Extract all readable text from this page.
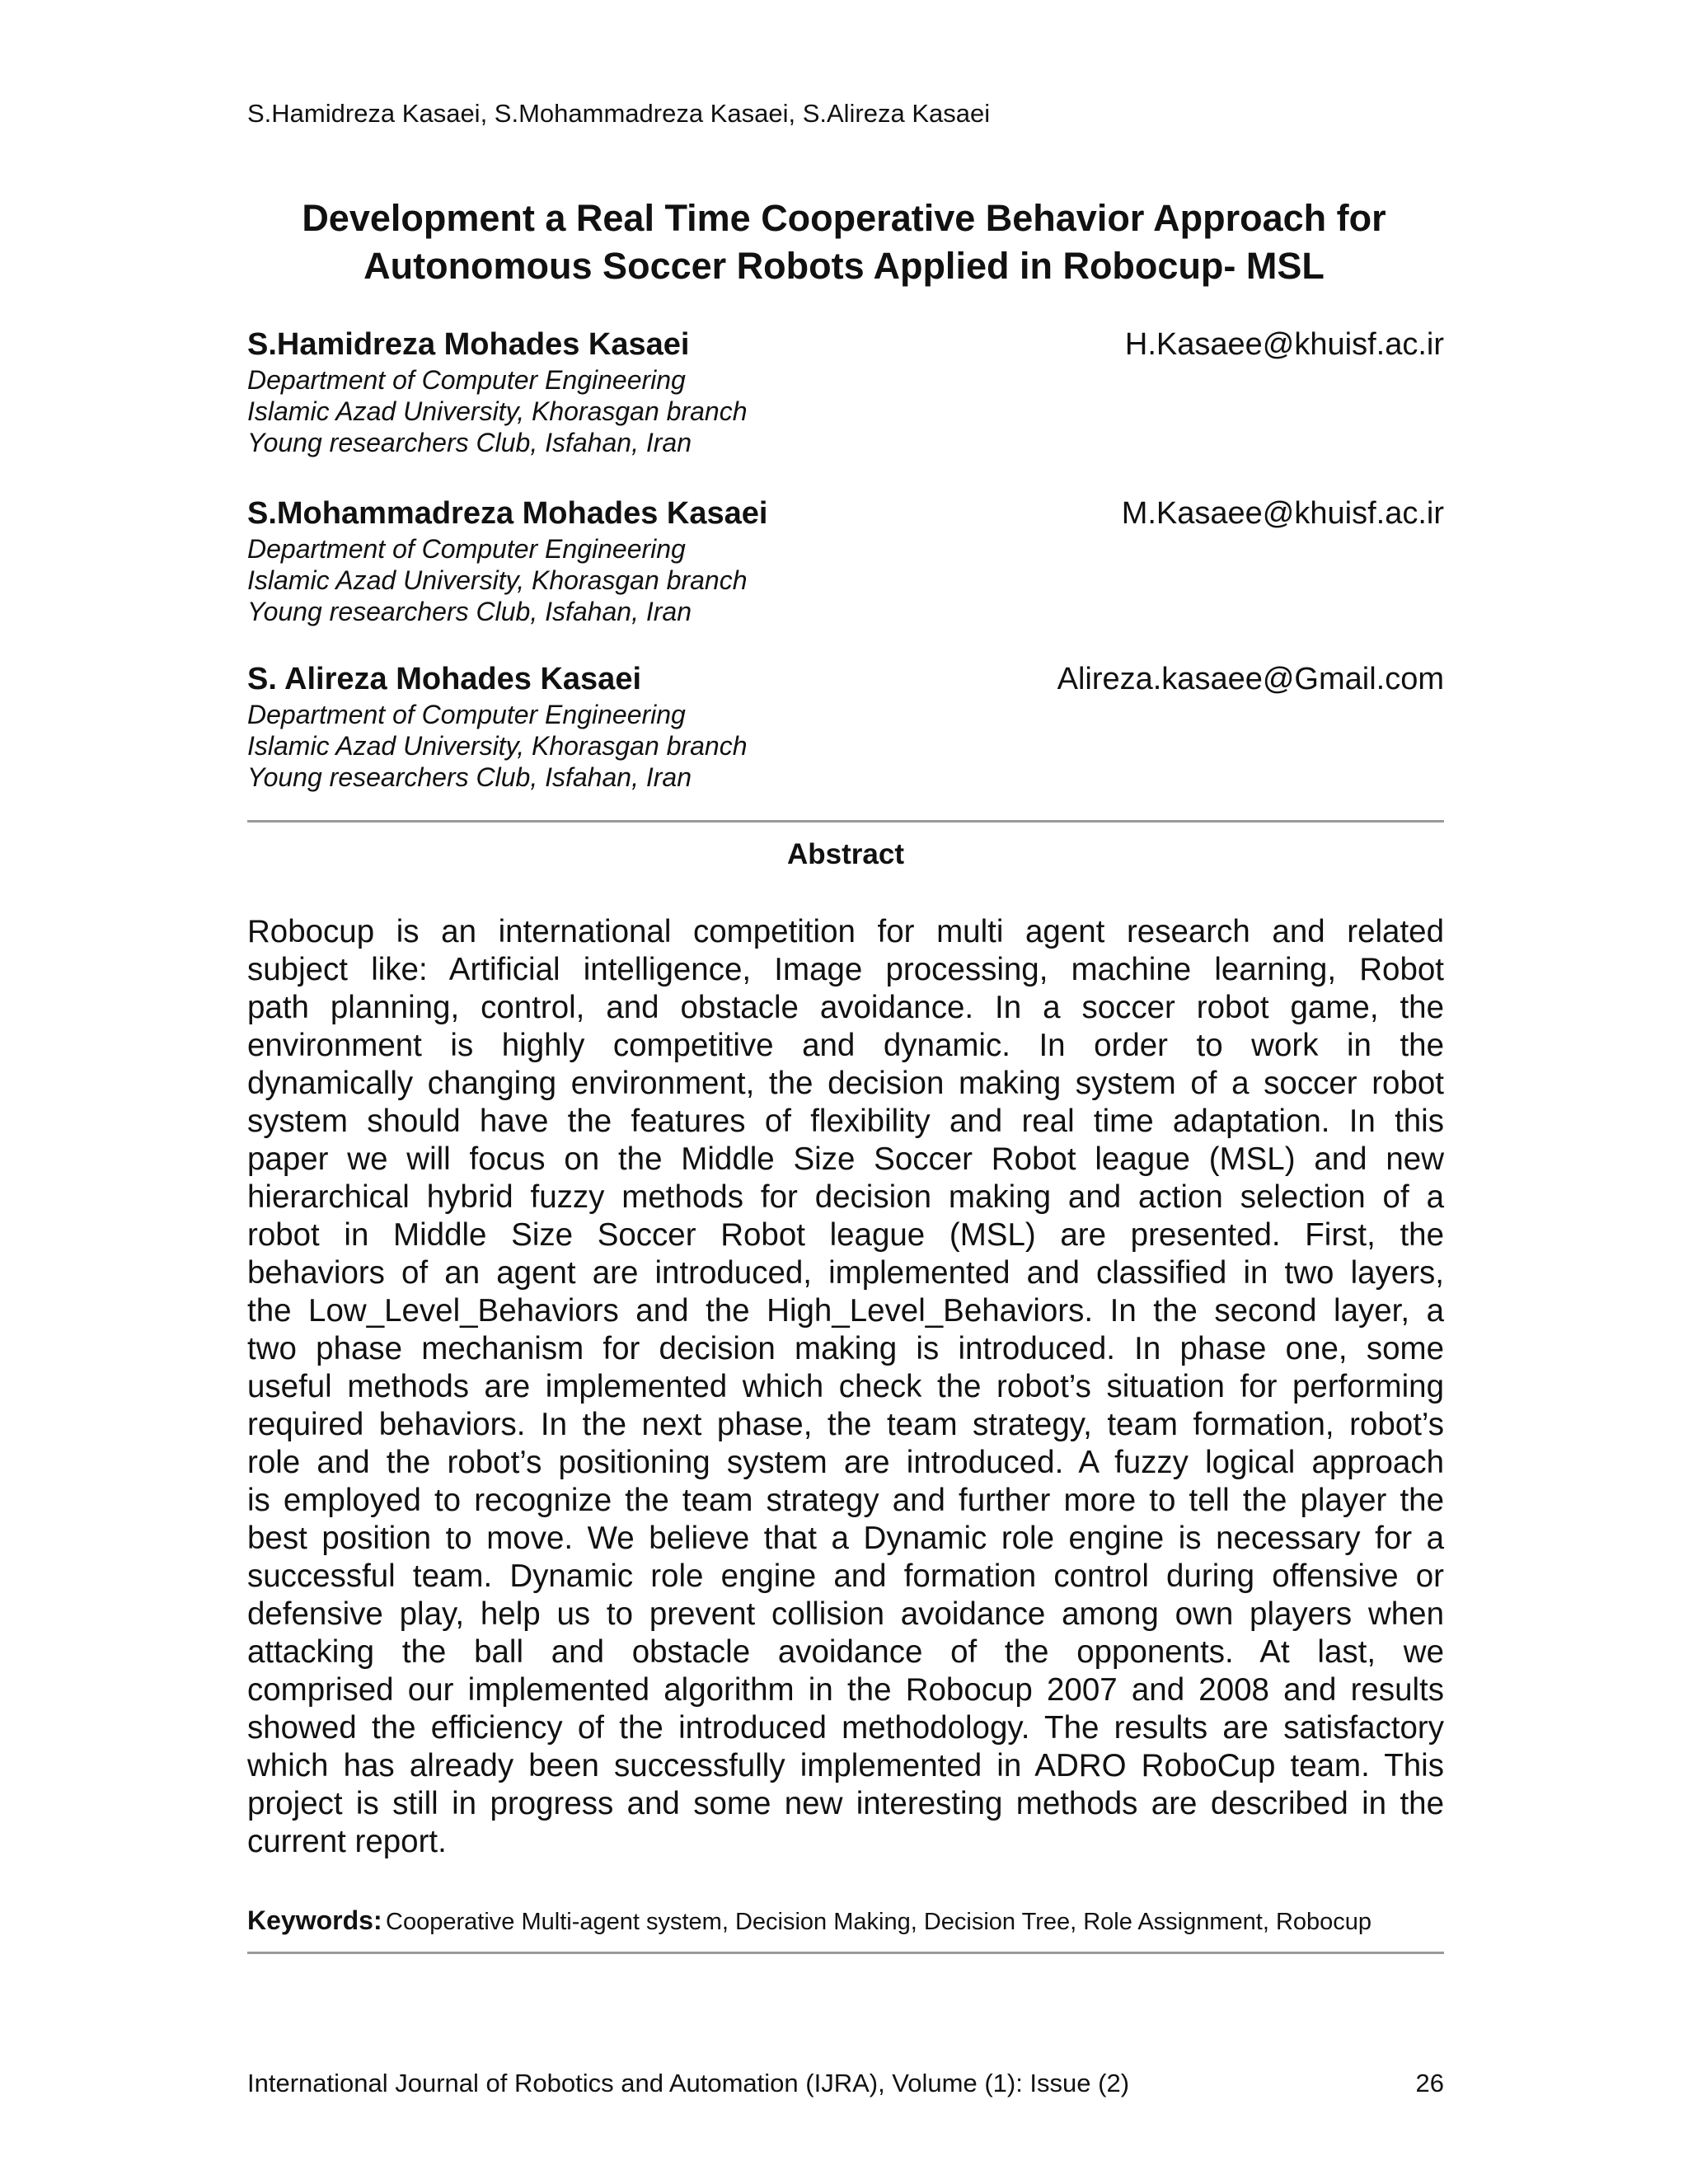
S.Hamidreza Kasaei, S.Mohammadreza Kasaei, S.Alireza Kasaei
Development a Real Time Cooperative Behavior Approach for
Autonomous Soccer Robots Applied in Robocup- MSL
S.Hamidreza Mohades Kasaei	H.Kasaee@khuisf.ac.ir
Department of Computer Engineering
Islamic Azad University, Khorasgan branch
Young researchers Club, Isfahan, Iran
S.Mohammadreza Mohades Kasaei	M.Kasaee@khuisf.ac.ir
Department of Computer Engineering
Islamic Azad University, Khorasgan branch
Young researchers Club, Isfahan, Iran
S. Alireza Mohades Kasaei	Alireza.kasaee@Gmail.com
Department of Computer Engineering
Islamic Azad University, Khorasgan branch
Young researchers Club, Isfahan, Iran
Abstract
Robocup is an international competition for multi agent research and related
subject like: Artificial intelligence, Image processing, machine learning, Robot
path planning, control, and obstacle avoidance. In a soccer robot game, the
environment is highly competitive and dynamic. In order to work in the
dynamically changing environment, the decision making system of a soccer robot
system should have the features of flexibility and real time adaptation. In this
paper we will focus on the Middle Size Soccer Robot league (MSL) and new
hierarchical hybrid fuzzy methods for decision making and action selection of a
robot in Middle Size Soccer Robot league (MSL) are presented. First, the
behaviors of an agent are introduced, implemented and classified in two layers,
the Low_Level_Behaviors and the High_Level_Behaviors. In the second layer, a
two phase mechanism for decision making is introduced. In phase one, some
useful methods are implemented which check the robot’s situation for performing
required behaviors. In the next phase, the team strategy, team formation, robot’s
role and the robot’s positioning system are introduced. A fuzzy logical approach
is employed to recognize the team strategy and further more to tell the player the
best position to move. We believe that a Dynamic role engine is necessary for a
successful team. Dynamic role engine and formation control during offensive or
defensive play, help us to prevent collision avoidance among own players when
attacking the ball and obstacle avoidance of the opponents. At last, we
comprised our implemented algorithm in the Robocup 2007 and 2008 and results
showed the efficiency of the introduced methodology. The results are satisfactory
which has already been successfully implemented in ADRO RoboCup team. This
project is still in progress and some new interesting methods are described in the
current report.
Keywords: Cooperative Multi-agent system, Decision Making, Decision Tree, Role Assignment, Robocup
International Journal of Robotics and Automation (IJRA), Volume (1): Issue (2)	26
